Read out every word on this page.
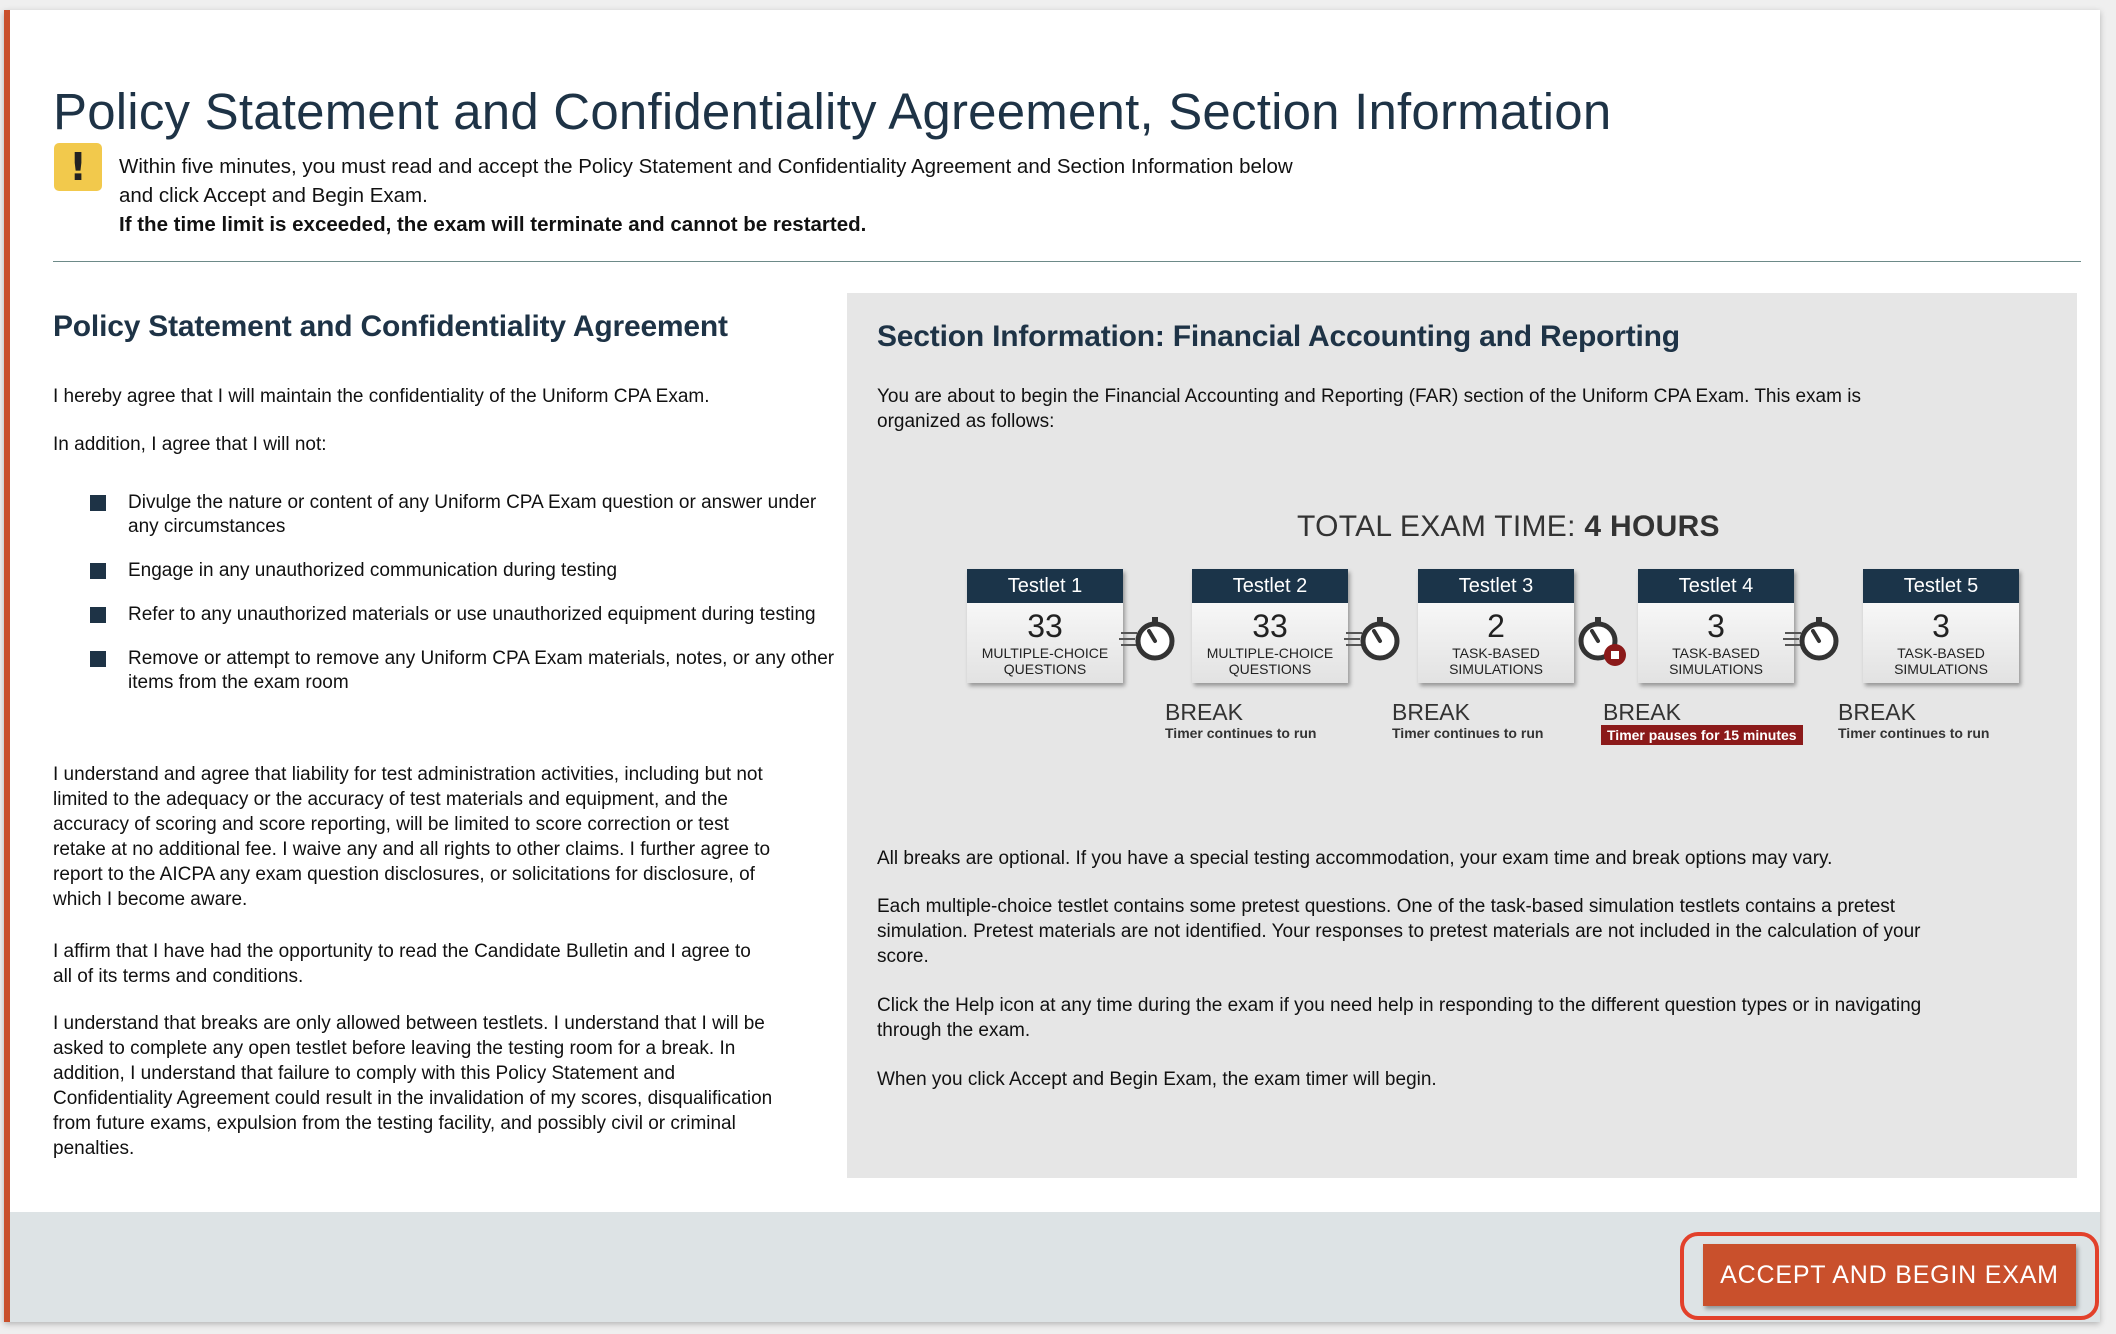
Policy Statement and Confidentiality Agreement, Section Information
!	Within five minutes, you must read and accept the Policy Statement and Confidentiality Agreement and Section Information below
and click Accept and Begin Exam.
If the time limit is exceeded, the exam will terminate and cannot be restarted.
Policy Statement and Confidentiality Agreement

I hereby agree that I will maintain the confidentiality of the Uniform CPA Exam.

In addition, I agree that I will not:

Divulge the nature or content of any Uniform CPA Exam question or answer under any circumstances
Engage in any unauthorized communication during testing
Refer to any unauthorized materials or use unauthorized equipment during testing
Remove or attempt to remove any Uniform CPA Exam materials, notes, or any other items from the exam room

I understand and agree that liability for test administration activities, including but not limited to the adequacy or the accuracy of test materials and equipment, and the accuracy of scoring and score reporting, will be limited to score correction or test retake at no additional fee. I waive any and all rights to other claims. I further agree to report to the AICPA any exam question disclosures, or solicitations for disclosure, of which I become aware.

I affirm that I have had the opportunity to read the Candidate Bulletin and I agree to all of its terms and conditions.

I understand that breaks are only allowed between testlets. I understand that I will be asked to complete any open testlet before leaving the testing room for a break. In addition, I understand that failure to comply with this Policy Statement and Confidentiality Agreement could result in the invalidation of my scores, disqualification from future exams, expulsion from the testing facility, and possibly civil or criminal penalties.

Section Information: Financial Accounting and Reporting

You are about to begin the Financial Accounting and Reporting (FAR) section of the Uniform CPA Exam. This exam is organized as follows:

TOTAL EXAM TIME: 4 HOURS
Testlet 1
33
MULTIPLE-CHOICE
QUESTIONS
Testlet 2
33
MULTIPLE-CHOICE
QUESTIONS
Testlet 3
2
TASK-BASED
SIMULATIONS
Testlet 4
3
TASK-BASED
SIMULATIONS
Testlet 5
3
TASK-BASED
SIMULATIONS
BREAK
Timer continues to run
BREAK
Timer continues to run
BREAK
Timer pauses for 15 minutes
BREAK
Timer continues to run

All breaks are optional. If you have a special testing accommodation, your exam time and break options may vary.

Each multiple-choice testlet contains some pretest questions. One of the task-based simulation testlets contains a pretest simulation. Pretest materials are not identified. Your responses to pretest materials are not included in the calculation of your score.

Click the Help icon at any time during the exam if you need help in responding to the different question types or in navigating through the exam.

When you click Accept and Begin Exam, the exam timer will begin.

ACCEPT AND BEGIN EXAM
